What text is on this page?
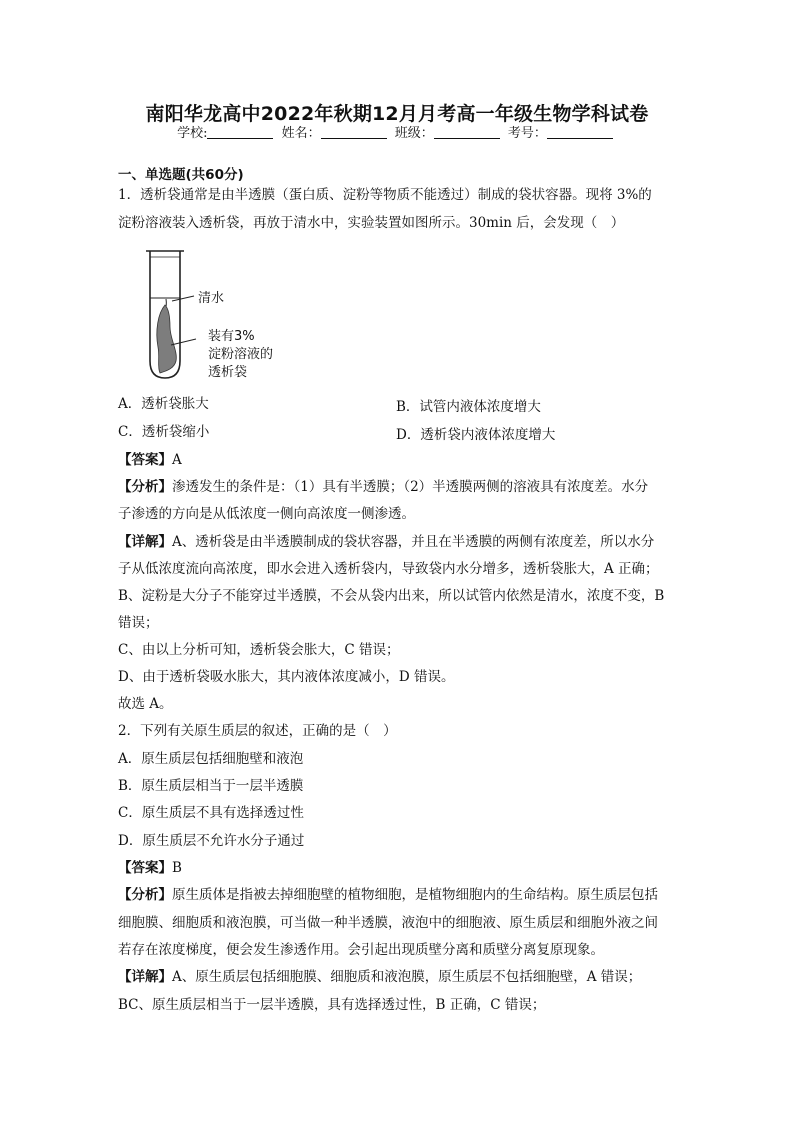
南阳华龙高中2022年秋期12月月考高一年级生物学科试卷
学校:	姓名：	班级：	考号：
一、单选题(共60分)
1．透析袋通常是由半透膜（蛋白质、淀粉等物质不能透过）制成的袋状容器。现将 3%的
淀粉溶液装入透析袋，再放于清水中，实验装置如图所示。30min 后，会发现（　）
清水
装有3%
淀粉溶液的
透析袋
A．透析袋胀大	B．试管内液体浓度增大
C．透析袋缩小	D．透析袋内液体浓度增大
【答案】A
【分析】渗透发生的条件是：（1）具有半透膜；（2）半透膜两侧的溶液具有浓度差。水分
子渗透的方向是从低浓度一侧向高浓度一侧渗透。
【详解】A、透析袋是由半透膜制成的袋状容器，并且在半透膜的两侧有浓度差，所以水分
子从低浓度流向高浓度，即水会进入透析袋内，导致袋内水分增多，透析袋胀大，A 正确；
B、淀粉是大分子不能穿过半透膜，不会从袋内出来，所以试管内依然是清水，浓度不变，B
错误；
C、由以上分析可知，透析袋会胀大，C 错误；
D、由于透析袋吸水胀大，其内液体浓度减小，D 错误。
故选 A。
2．下列有关原生质层的叙述，正确的是（　）
A．原生质层包括细胞壁和液泡
B．原生质层相当于一层半透膜
C．原生质层不具有选择透过性
D．原生质层不允许水分子通过
【答案】B
【分析】原生质体是指被去掉细胞壁的植物细胞，是植物细胞内的生命结构。原生质层包括
细胞膜、细胞质和液泡膜，可当做一种半透膜，液泡中的细胞液、原生质层和细胞外液之间
若存在浓度梯度，便会发生渗透作用。会引起出现质壁分离和质壁分离复原现象。
【详解】A、原生质层包括细胞膜、细胞质和液泡膜，原生质层不包括细胞壁，A 错误；
BC、原生质层相当于一层半透膜，具有选择透过性，B 正确，C 错误；
